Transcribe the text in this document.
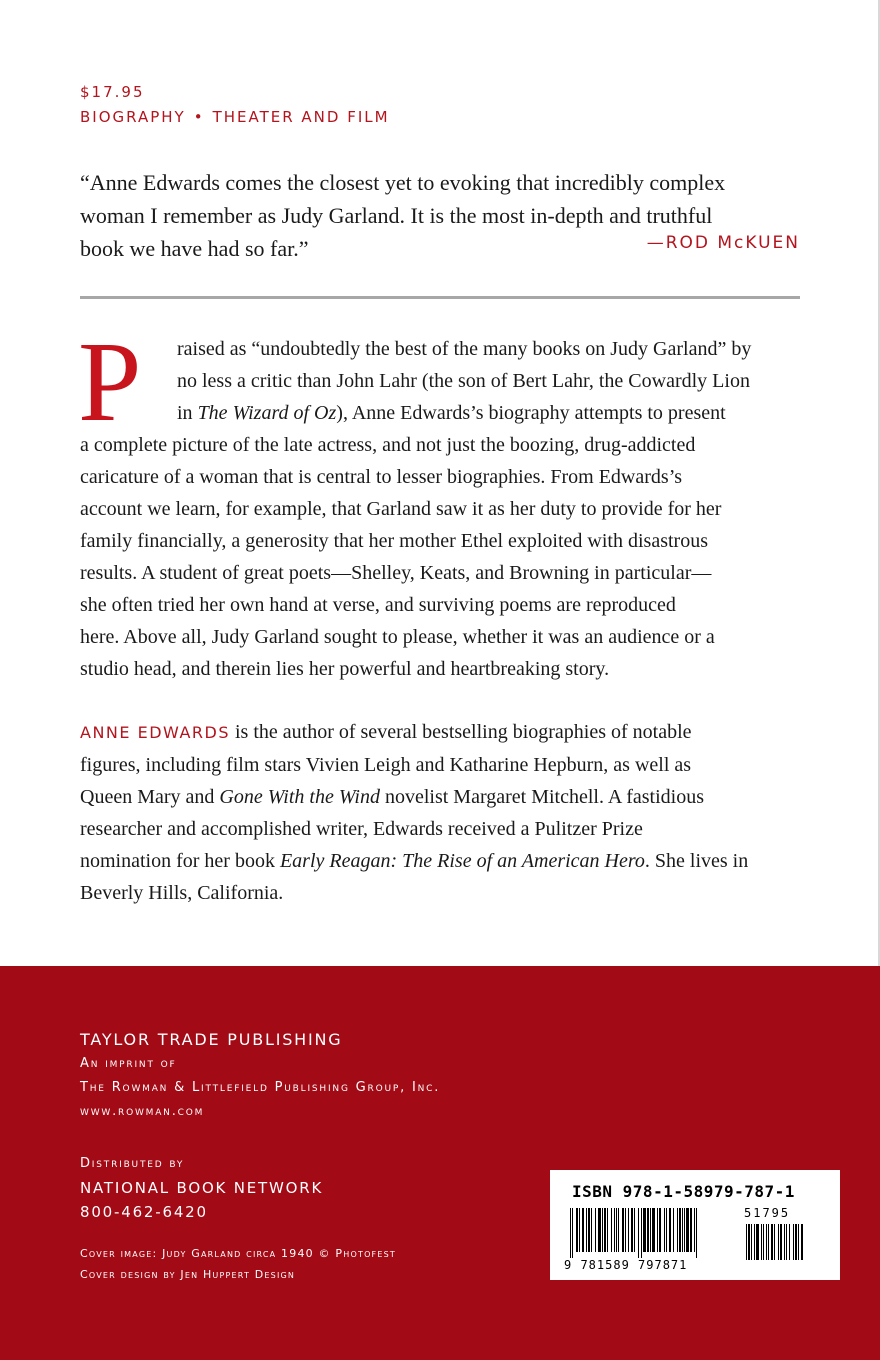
$17.95
BIOGRAPHY • THEATER AND FILM
“Anne Edwards comes the closest yet to evoking that incredibly complex
woman I remember as Judy Garland. It is the most in-depth and truthful
book we have had so far.”	—ROD McKUEN
P	raised as “undoubtedly the best of the many books on Judy Garland” by
no less a critic than John Lahr (the son of Bert Lahr, the Cowardly Lion
in The Wizard of Oz), Anne Edwards’s biography attempts to present
a complete picture of the late actress, and not just the boozing, drug-addicted
caricature of a woman that is central to lesser biographies. From Edwards’s
account we learn, for example, that Garland saw it as her duty to provide for her
family financially, a generosity that her mother Ethel exploited with disastrous
results. A student of great poets—Shelley, Keats, and Browning in particular—
she often tried her own hand at verse, and surviving poems are reproduced
here. Above all, Judy Garland sought to please, whether it was an audience or a
studio head, and therein lies her powerful and heartbreaking story.
ANNE EDWARDS is the author of several bestselling biographies of notable
figures, including film stars Vivien Leigh and Katharine Hepburn, as well as
Queen Mary and Gone With the Wind novelist Margaret Mitchell. A fastidious
researcher and accomplished writer, Edwards received a Pulitzer Prize
nomination for her book Early Reagan: The Rise of an American Hero. She lives in
Beverly Hills, California.
TAYLOR TRADE PUBLISHING
An imprint of
The Rowman & Littlefield Publishing Group, Inc.
www.rowman.com
Distributed by
NATIONAL BOOK NETWORK
800-462-6420
Cover image: Judy Garland circa 1940 © Photofest
Cover design by Jen Huppert Design
ISBN 978-1-58979-787-1
51795
9 781589 797871
